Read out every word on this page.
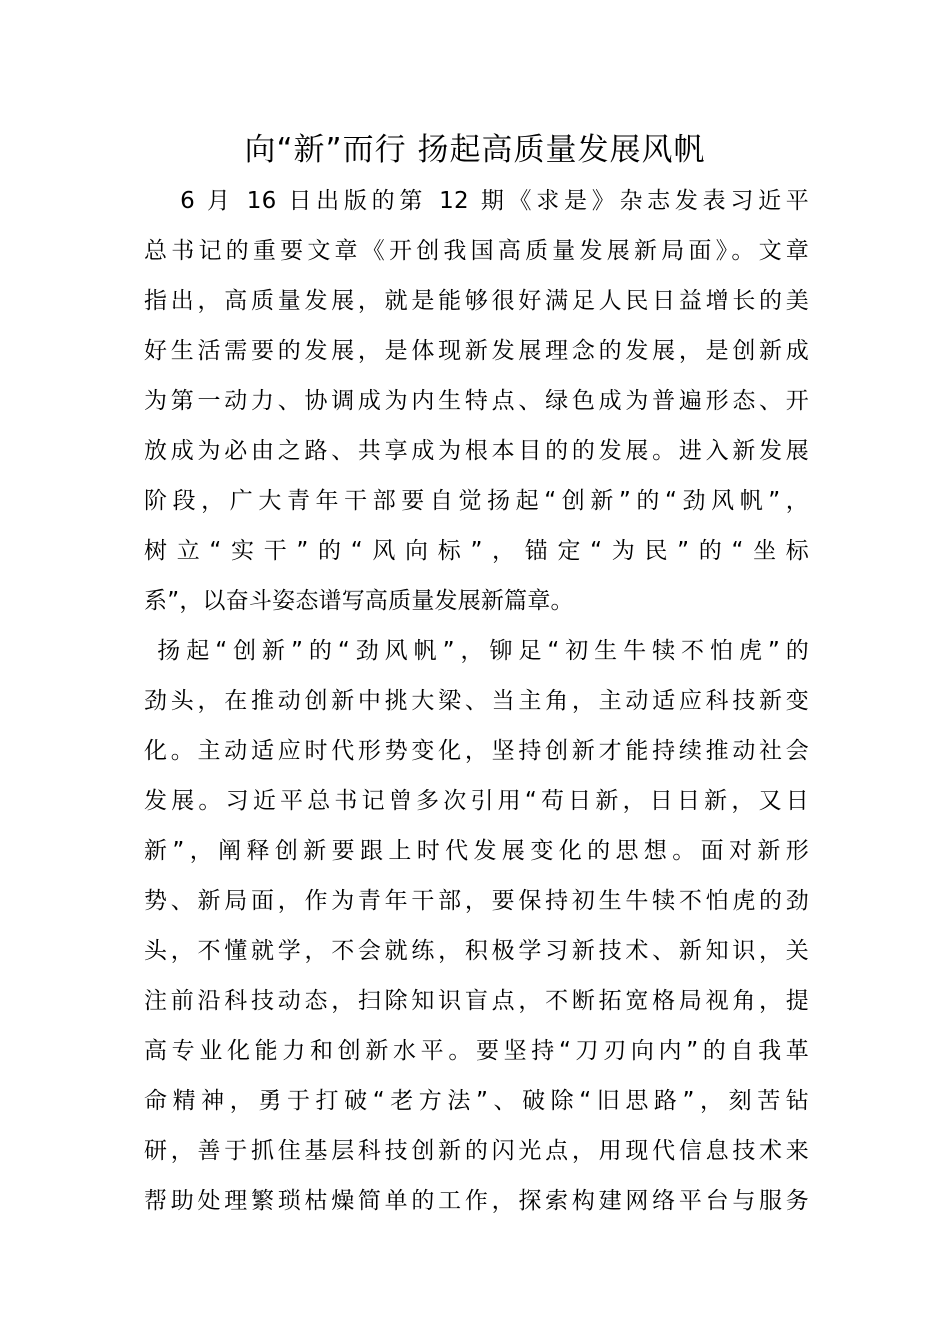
向“新”而行 扬起高质量发展风帆
6 月 16 日出版的第 12 期《求是》杂志发表习近平
总书记的重要文章《开创我国高质量发展新局面》。文章
指出，高质量发展，就是能够很好满足人民日益增长的美
好生活需要的发展，是体现新发展理念的发展，是创新成
为第一动力、协调成为内生特点、绿色成为普遍形态、开
放成为必由之路、共享成为根本目的的发展。进入新发展
阶段，广大青年干部要自觉扬起“创新”的“劲风帆”，
树立“实干”的“风向标”，锚定“为民”的“坐标
系”，以奋斗姿态谱写高质量发展新篇章。
扬起“创新”的“劲风帆”，铆足“初生牛犊不怕虎”的
劲头，在推动创新中挑大梁、当主角，主动适应科技新变
化。主动适应时代形势变化，坚持创新才能持续推动社会
发展。习近平总书记曾多次引用“苟日新，日日新，又日
新”，阐释创新要跟上时代发展变化的思想。面对新形
势、新局面，作为青年干部，要保持初生牛犊不怕虎的劲
头，不懂就学，不会就练，积极学习新技术、新知识，关
注前沿科技动态，扫除知识盲点，不断拓宽格局视角，提
高专业化能力和创新水平。要坚持“刀刃向内”的自我革
命精神，勇于打破“老方法”、破除“旧思路”，刻苦钻
研，善于抓住基层科技创新的闪光点，用现代信息技术来
帮助处理繁琐枯燥简单的工作，探索构建网络平台与服务
